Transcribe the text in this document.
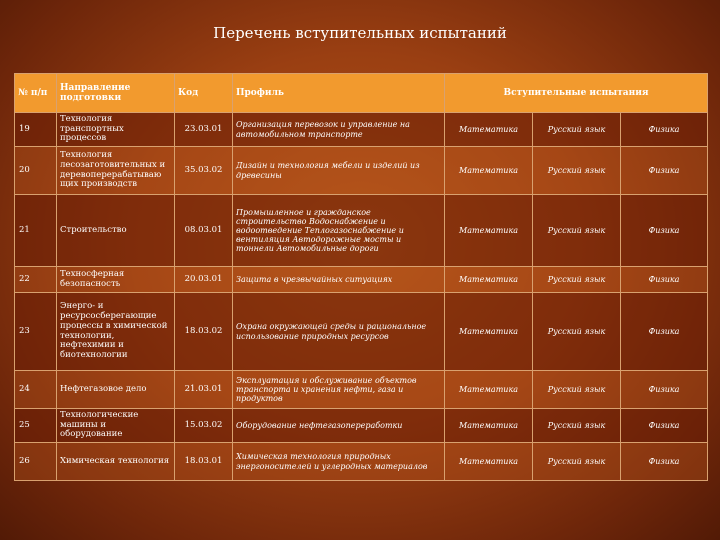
Перечень вступительных испытаний
№ п/п	Направление подготовки	Код	Профиль	Вступительные испытания		
19	Технология транспортных процессов	23.03.01	Организация перевозок и управление на автомобильном транспорте	Математика	Русский язык	Физика
20	Технология лесозаготовительных и деревоперерабатываю щих производств	35.03.02	Дизайн и технология мебели и изделий из древесины	Математика	Русский язык	Физика
21	Строительство	08.03.01	Промышленное и гражданское строительство Водоснабжение и водоотведение Теплогазоснабжение и вентиляция Автодорожные мосты и тоннели Автомобильные дороги	Математика	Русский язык	Физика
22	Техносферная безопасность	20.03.01	Защита в чрезвычайных ситуациях	Математика	Русский язык	Физика
23	Энерго- и ресурсосберегающие процессы в химической технологии, нефтехимии и биотехнологии	18.03.02	Охрана окружающей среды и рациональное использование природных ресурсов	Математика	Русский язык	Физика
24	Нефтегазовое дело	21.03.01	Эксплуатация и обслуживание объектов транспорта и хранения нефти, газа и продуктов	Математика	Русский язык	Физика
25	Технологические машины и оборудование	15.03.02	Оборудование нефтегазопереработки	Математика	Русский язык	Физика
26	Химическая технология	18.03.01	Химическая технология природных энергоносителей и углеродных материалов	Математика	Русский язык	Физика
